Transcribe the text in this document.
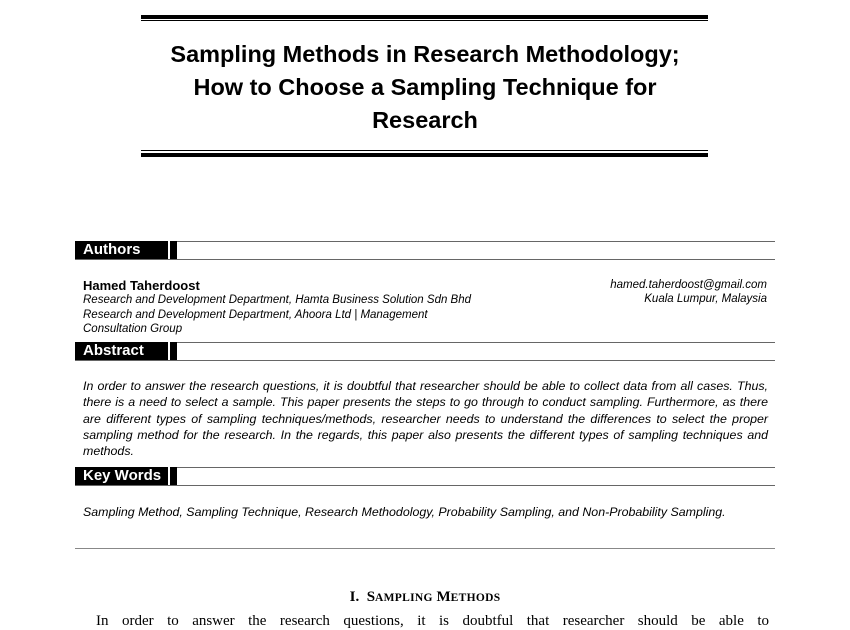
Sampling Methods in Research Methodology;
How to Choose a Sampling Technique for
Research
Authors
Hamed Taherdoost
Research and Development Department, Hamta Business Solution Sdn Bhd
Research and Development Department, Ahoora Ltd | Management
Consultation Group
hamed.taherdoost@gmail.com
Kuala Lumpur, Malaysia
Abstract

In order to answer the research questions, it is doubtful that researcher should be able to collect data from all cases. Thus, there is a need to select a sample. This paper presents the steps to go through to conduct sampling. Furthermore, as there are different types of sampling techniques/methods, researcher needs to understand the differences to select the proper sampling method for the research. In the regards, this paper also presents the different types of sampling techniques and methods.

Key Words

Sampling Method, Sampling Technique, Research Methodology, Probability Sampling, and Non-Probability Sampling.

I. SAMPLING METHODS

In order to answer the research questions, it is doubtful that researcher should be able to
